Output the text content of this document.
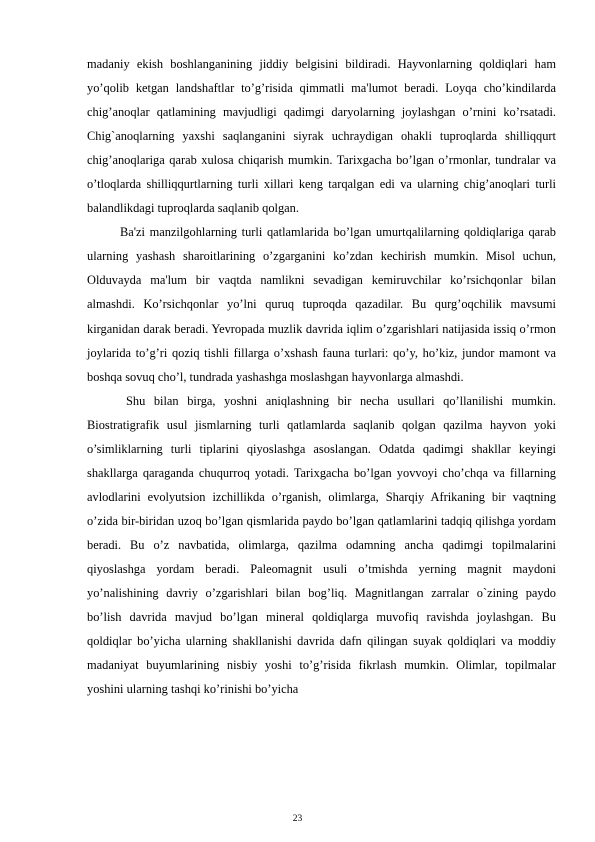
madaniy ekish boshlanganining jiddiy belgisini bildiradi. Hayvonlarning qoldiqlari ham yo’qolib ketgan landshaftlar to’g’risida qimmatli ma'lumot beradi. Loyqa cho’kindilarda chig’anoqlar qatlamining mavjudligi qadimgi daryolarning joylashgan o’rnini ko’rsatadi. Chig`anoqlarning yaxshi saqlanganini siyrak uchraydigan ohakli tuproqlarda shilliqqurt chig’anoqlariga qarab xulosa chiqarish mumkin. Tarixgacha bo’lgan o’rmonlar, tundralar va o’tloqlarda shilliqqurtlarning turli xillari keng tarqalgan edi va ularning chig’anoqlari turli balandlikdagi tuproqlarda saqlanib qolgan.

Ba'zi manzilgohlarning turli qatlamlarida bo’lgan umurtqalilarning qoldiqlariga qarab ularning yashash sharoitlarining o’zgarganini ko’zdan kechirish mumkin. Misol uchun, Olduvayda ma'lum bir vaqtda namlikni sevadigan kemiruvchilar ko’rsichqonlar bilan almashdi. Ko’rsichqonlar yo’lni quruq tuproqda qazadilar. Bu qurg’oqchilik mavsumi kirganidan darak beradi. Yevropada muzlik davrida iqlim o’zgarishlari natijasida issiq o’rmon joylarida to’g’ri qoziq tishli fillarga o’xshash fauna turlari: qo’y, ho’kiz, jundor mamont va boshqa sovuq cho’l, tundrada yashashga moslashgan hayvonlarga almashdi.

Shu bilan birga, yoshni aniqlashning bir necha usullari qo’llanilishi mumkin. Biostratigrafik usul jismlarning turli qatlamlarda saqlanib qolgan qazilma hayvon yoki o’simliklarning turli tiplarini qiyoslashga asoslangan. Odatda qadimgi shakllar keyingi shakllarga qaraganda chuqurroq yotadi. Tarixgacha bo’lgan yovvoyi cho’chqa va fillarning avlodlarini evolyutsion izchillikda o’rganish, olimlarga, Sharqiy Afrikaning bir vaqtning o’zida bir-biridan uzoq bo’lgan qismlarida paydo bo’lgan qatlamlarini tadqiq qilishga yordam beradi. Bu o’z navbatida, olimlarga, qazilma odamning ancha qadimgi topilmalarini qiyoslashga yordam beradi. Paleomagnit usuli o’tmishda yerning magnit maydoni yo’nalishining davriy o’zgarishlari bilan bog’liq. Magnitlangan zarralar o`zining paydo bo’lish davrida mavjud bo’lgan mineral qoldiqlarga muvofiq ravishda joylashgan. Bu qoldiqlar bo’yicha ularning shakllanishi davrida dafn qilingan suyak qoldiqlari va moddiy madaniyat buyumlarining nisbiy yoshi to’g’risida fikrlash mumkin. Olimlar, topilmalar yoshini ularning tashqi ko’rinishi bo’yicha

23
